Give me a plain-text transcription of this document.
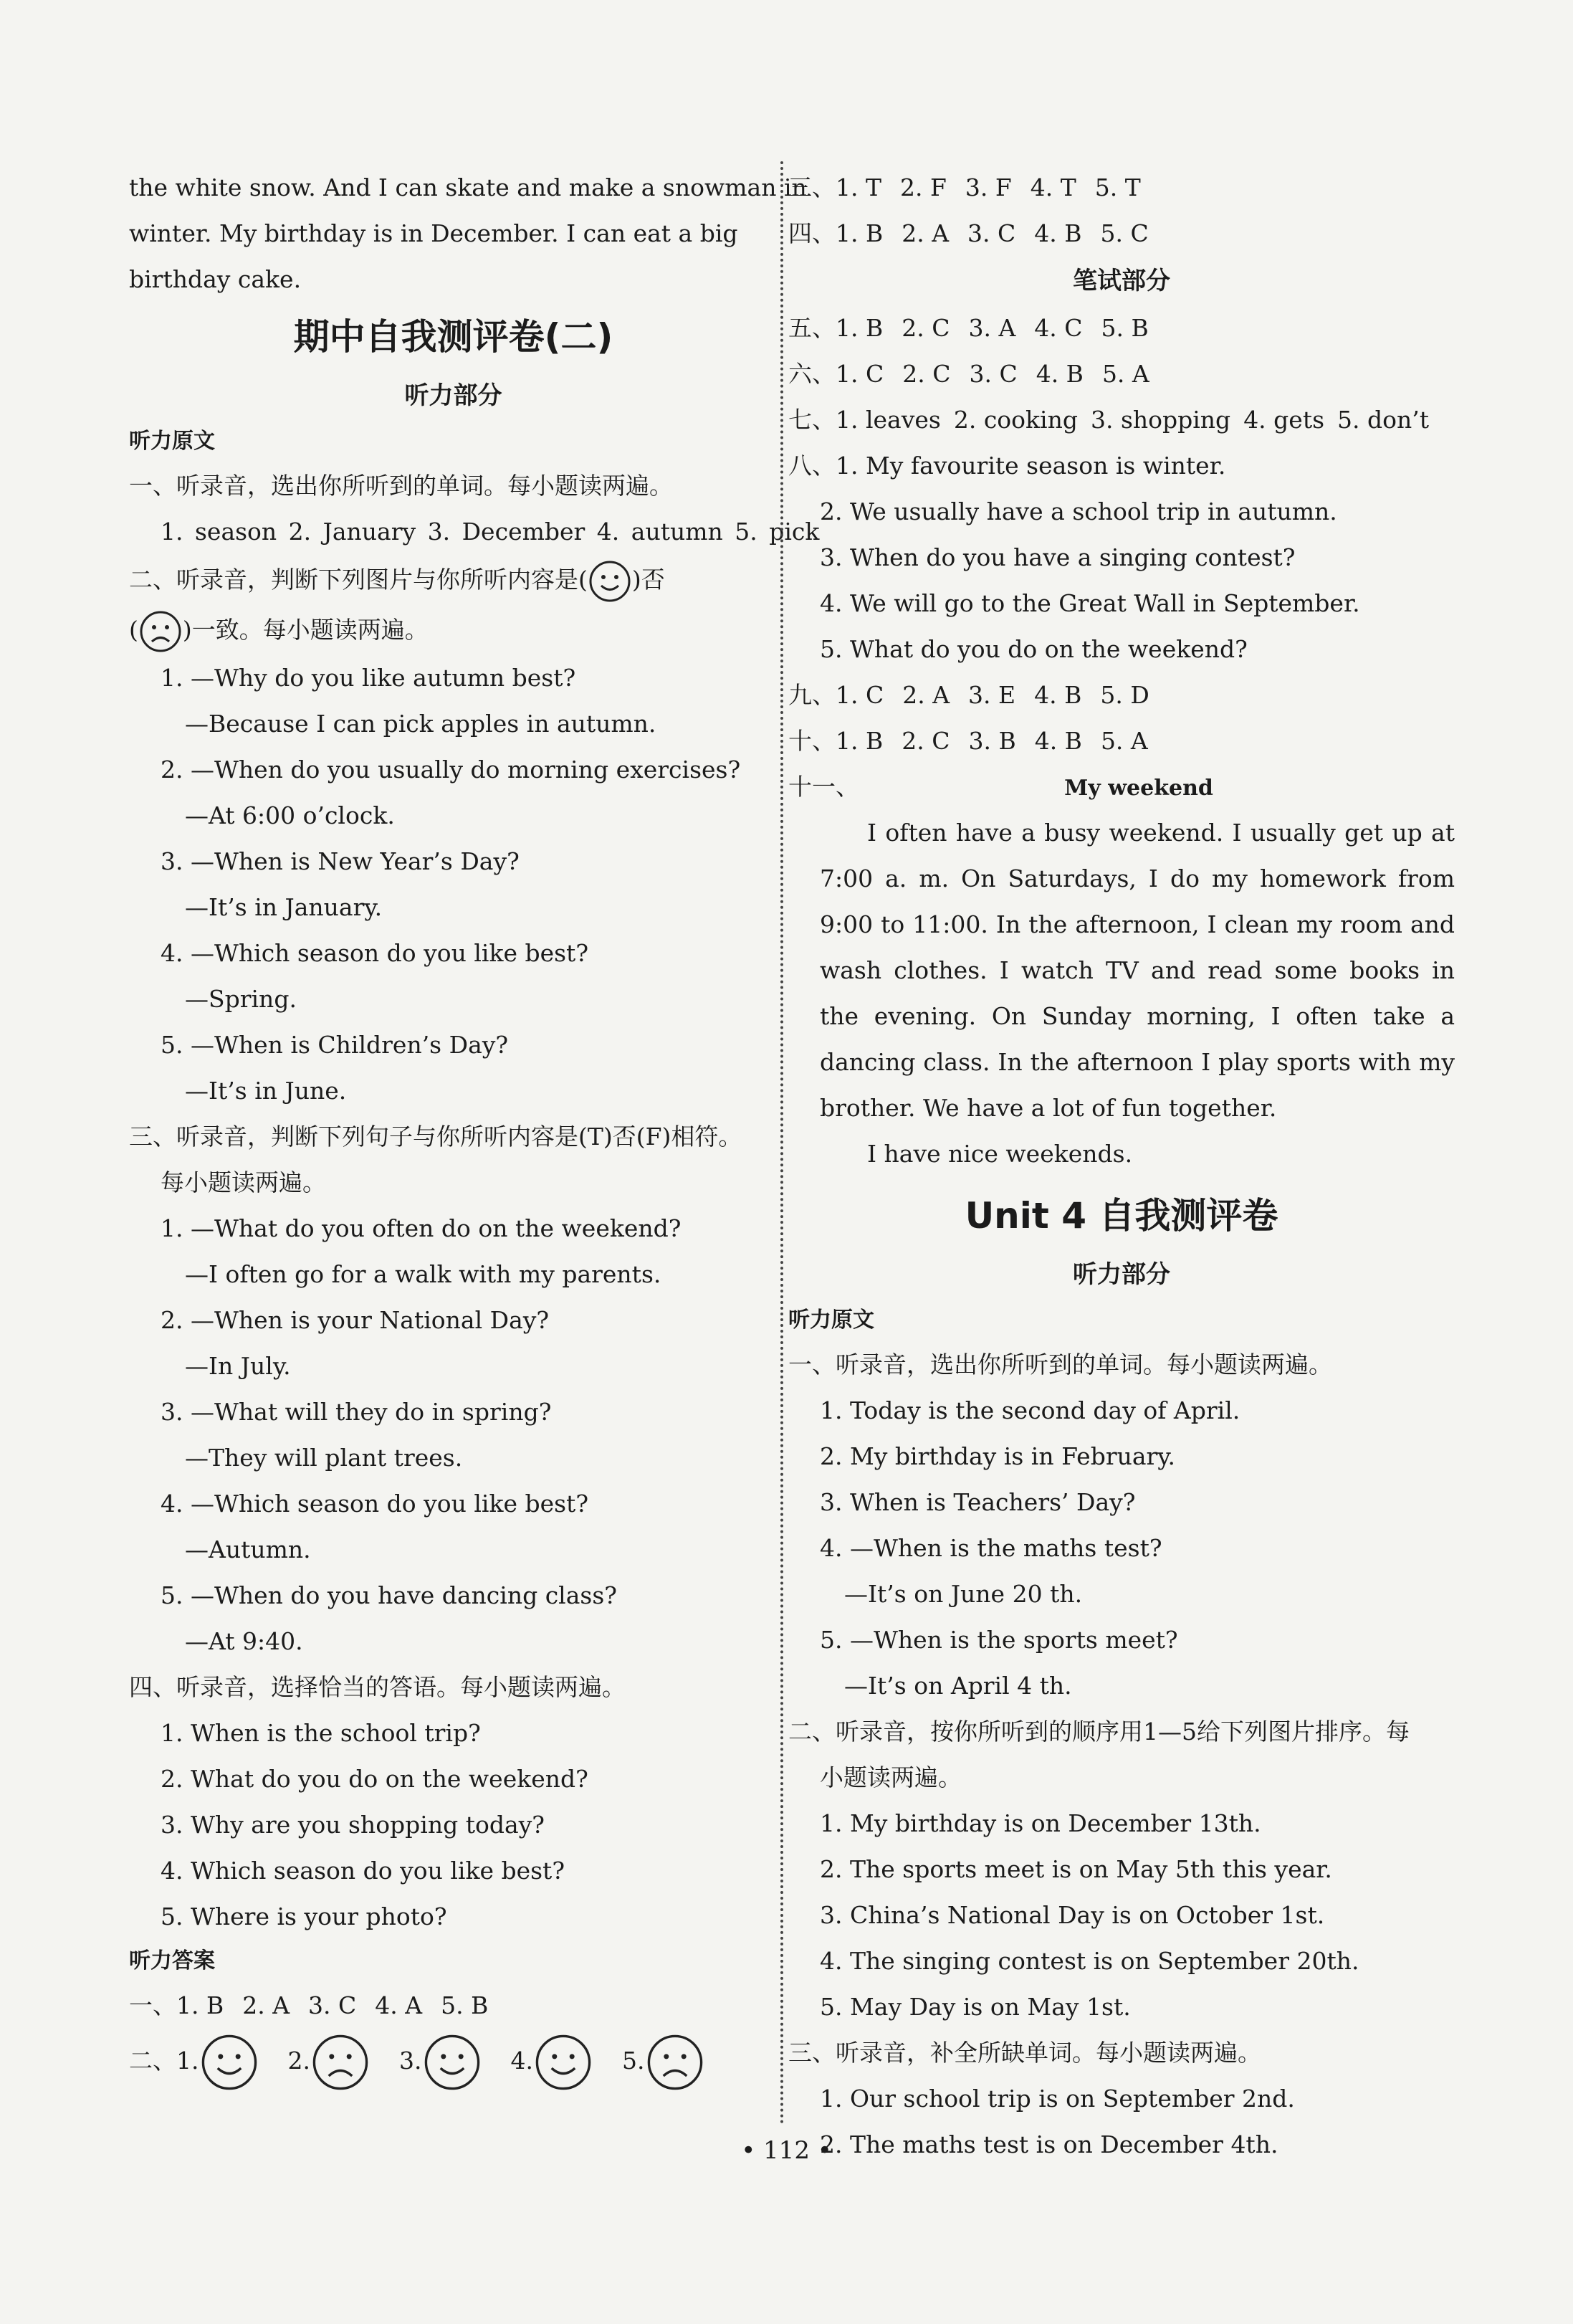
the white snow. And I can skate and make a snowman in
winter. My birthday is in December. I can eat a big
birthday cake.
期中自我测评卷(二)
听力部分
听力原文
一、听录音，选出你所听到的单词。每小题读两遍。
1. season 2. January 3. December 4. autumn 5. pick
二、听录音，判断下列图片与你所听内容是( )否
( )一致。每小题读两遍。
1. —Why do you like autumn best?
—Because I can pick apples in autumn.
2. —When do you usually do morning exercises?
—At 6:00 o’clock.
3. —When is New Year’s Day?
—It’s in January.
4. —Which season do you like best?
—Spring.
5. —When is Children’s Day?
—It’s in June.
三、听录音，判断下列句子与你所听内容是(T)否(F)相符。
每小题读两遍。
1. —What do you often do on the weekend?
—I often go for a walk with my parents.
2. —When is your National Day?
—In July.
3. —What will they do in spring?
—They will plant trees.
4. —Which season do you like best?
—Autumn.
5. —When do you have dancing class?
—At 9:40.
四、听录音，选择恰当的答语。每小题读两遍。
1. When is the school trip?
2. What do you do on the weekend?
3. Why are you shopping today?
4. Which season do you like best?
5. Where is your photo?
听力答案
一、1. B 2. A 3. C 4. A 5. B
二、1.	2.	3.	4.	5.
三、1. T 2. F 3. F 4. T 5. T
四、1. B 2. A 3. C 4. B 5. C
笔试部分
五、1. B 2. C 3. A 4. C 5. B
六、1. C 2. C 3. C 4. B 5. A
七、1. leaves 2. cooking 3. shopping 4. gets 5. don’t
八、1. My favourite season is winter.
2. We usually have a school trip in autumn.
3. When do you have a singing contest?
4. We will go to the Great Wall in September.
5. What do you do on the weekend?
九、1. C 2. A 3. E 4. B 5. D
十、1. B 2. C 3. B 4. B 5. A
十一、	My weekend
I often have a busy weekend. I usually get up at 7:00 a. m. On Saturdays, I do my homework from 9:00 to 11:00. In the afternoon, I clean my room and wash clothes. I watch TV and read some books in the evening. On Sunday morning, I often take a dancing class. In the afternoon I play sports with my brother. We have a lot of fun together.
I have nice weekends.
Unit 4 自我测评卷
听力部分
听力原文
一、听录音，选出你所听到的单词。每小题读两遍。
1. Today is the second day of April.
2. My birthday is in February.
3. When is Teachers’ Day?
4. —When is the maths test?
—It’s on June 20 th.
5. —When is the sports meet?
—It’s on April 4 th.
二、听录音，按你所听到的顺序用1—5给下列图片排序。每
小题读两遍。
1. My birthday is on December 13th.
2. The sports meet is on May 5th this year.
3. China’s National Day is on October 1st.
4. The singing contest is on September 20th.
5. May Day is on May 1st.
三、听录音，补全所缺单词。每小题读两遍。
1. Our school trip is on September 2nd.
2. The maths test is on December 4th.
• 112 •
